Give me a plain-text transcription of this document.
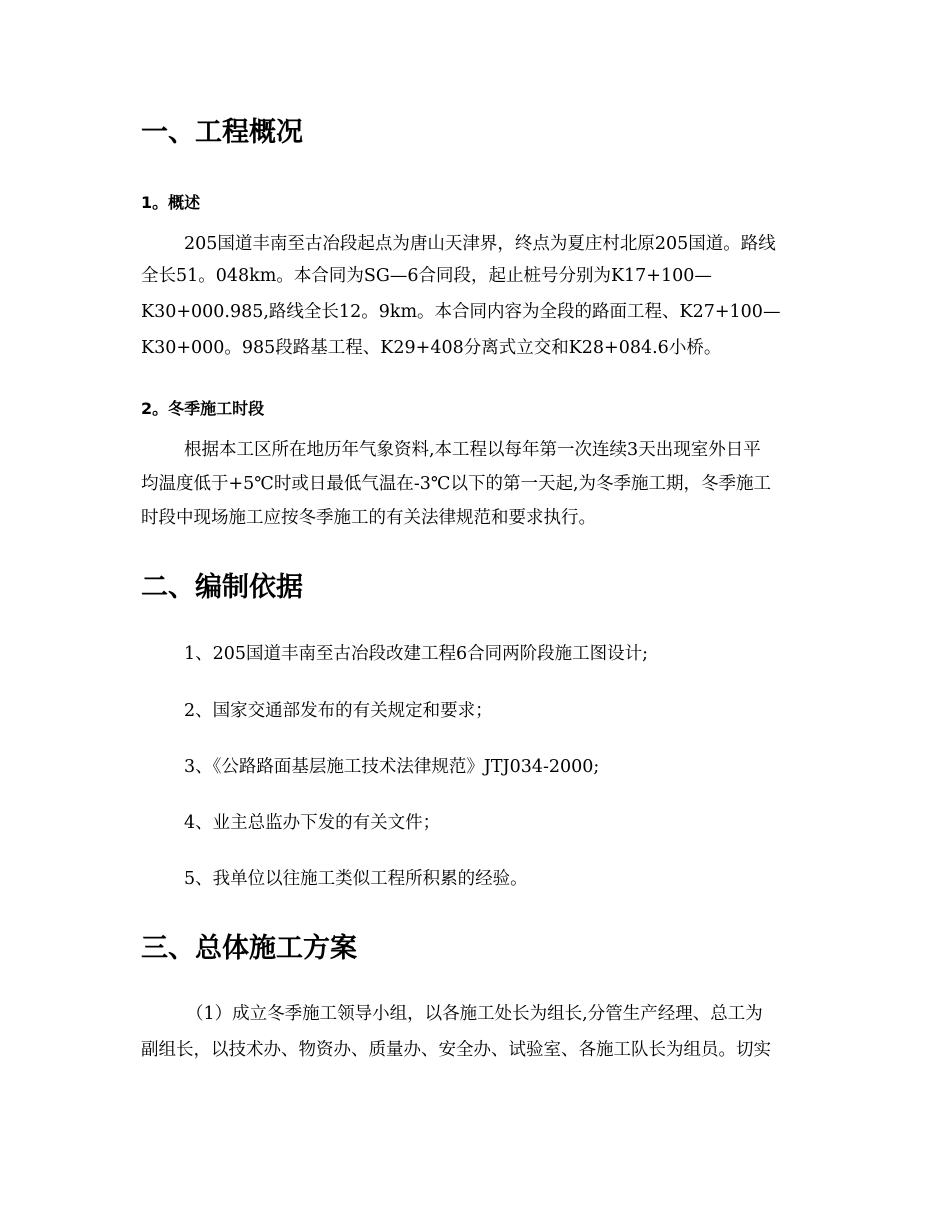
一、工程概况
1。概述
205国道丰南至古冶段起点为唐山天津界，终点为夏庄村北原205国道。路线
全长51。048km。本合同为SG—6合同段，起止桩号分别为K17+100—
K30+000.985,路线全长12。9km。本合同内容为全段的路面工程、K27+100—
K30+000。985段路基工程、K29+408分离式立交和K28+084.6小桥。
2。冬季施工时段
根据本工区所在地历年气象资料,本工程以每年第一次连续3天出现室外日平
均温度低于+5℃时或日最低气温在-3℃以下的第一天起,为冬季施工期，冬季施工
时段中现场施工应按冬季施工的有关法律规范和要求执行。
二、编制依据
1、205国道丰南至古冶段改建工程6合同两阶段施工图设计;
2、国家交通部发布的有关规定和要求；
3、《公路路面基层施工技术法律规范》JTJ034-2000;
4、业主总监办下发的有关文件；
5、我单位以往施工类似工程所积累的经验。
三、总体施工方案
（1）成立冬季施工领导小组，以各施工处长为组长,分管生产经理、总工为
副组长，以技术办、物资办、质量办、安全办、试验室、各施工队长为组员。切实
